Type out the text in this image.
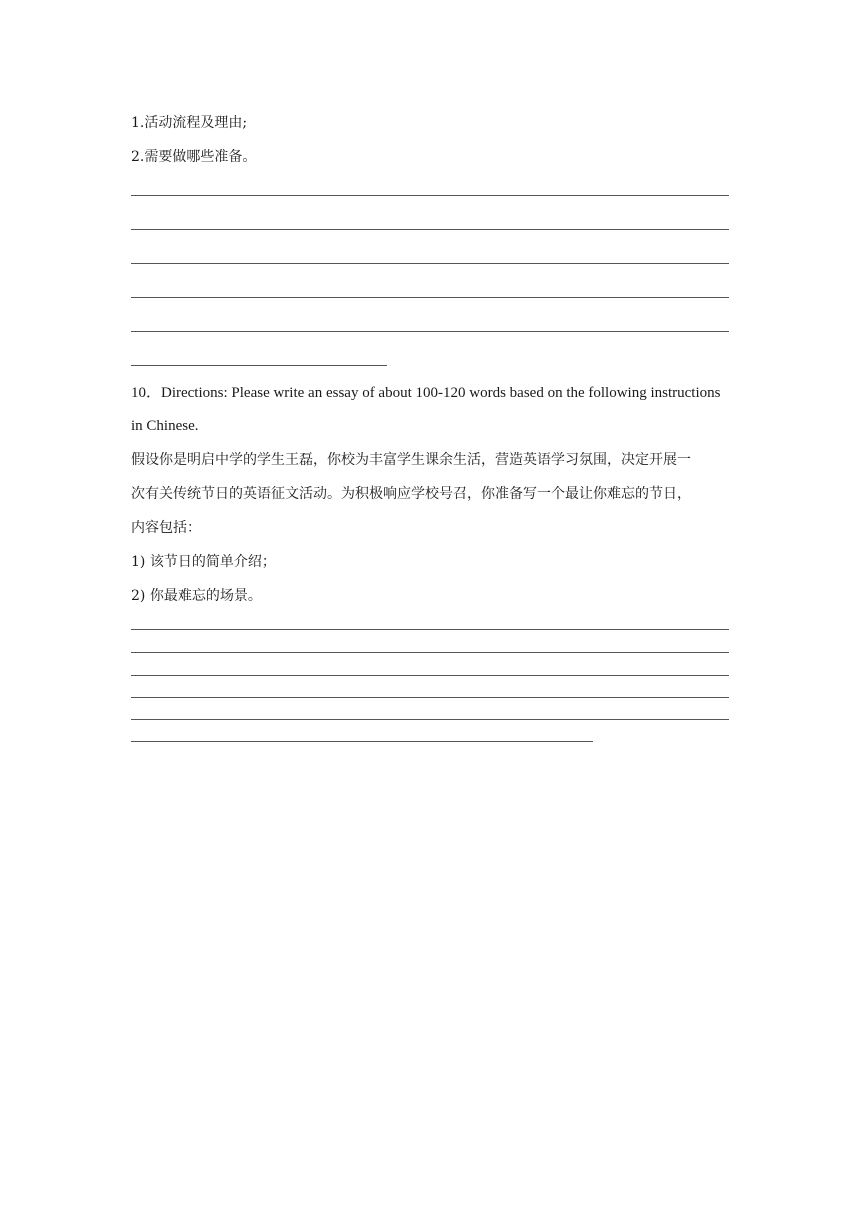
1.活动流程及理由;
2.需要做哪些准备。
10．Directions: Please write an essay of about 100-120 words based on the following instructions
in Chinese.
假设你是明启中学的学生王磊，你校为丰富学生课余生活，营造英语学习氛围，决定开展一
次有关传统节日的英语征文活动。为积极响应学校号召，你准备写一个最让你难忘的节日，
内容包括：
1) 该节日的简单介绍；
2) 你最难忘的场景。
